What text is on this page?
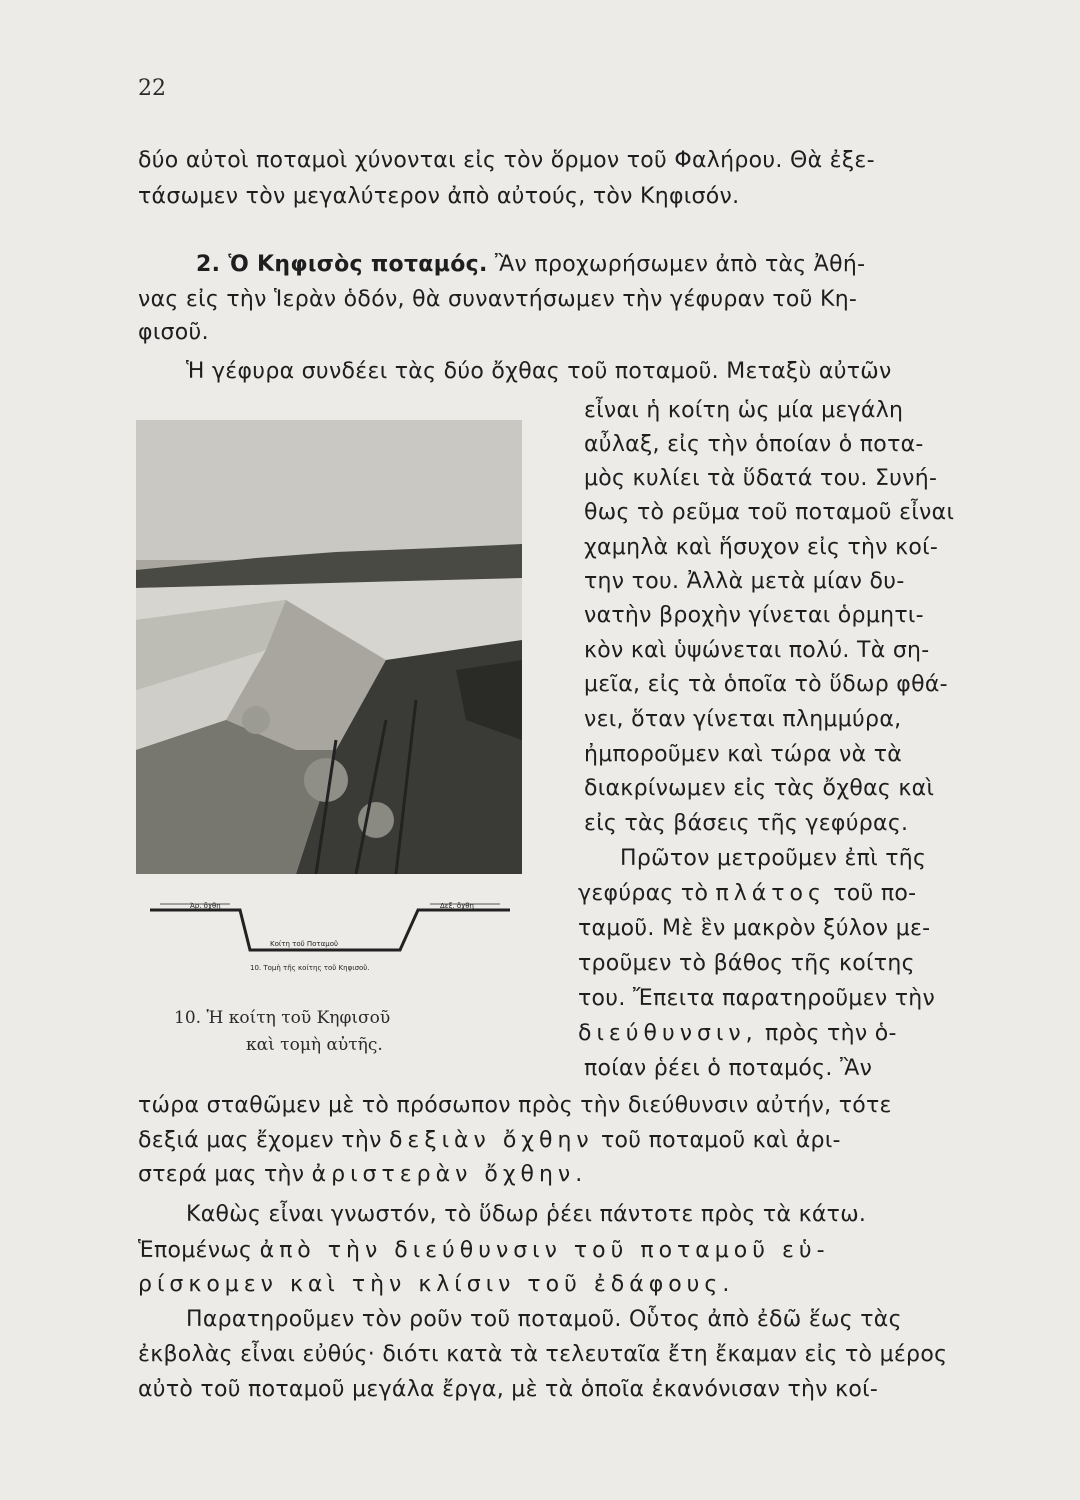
22
δύο αὐτοὶ ποταμοὶ χύνονται εἰς τὸν ὅρμον τοῦ Φαλήρου. Θὰ ἐξε-
τάσωμεν τὸν μεγαλύτερον ἀπὸ αὐτούς, τὸν Κηφισόν.
2. Ὁ Κηφισὸς ποταμός. Ἂν προχωρήσωμεν ἀπὸ τὰς Ἀθή-
νας εἰς τὴν Ἱερὰν ὁδόν, θὰ συναντήσωμεν τὴν γέφυραν τοῦ Κη-
φισοῦ.
Ἡ γέφυρα συνδέει τὰς δύο ὄχθας τοῦ ποταμοῦ. Μεταξὺ αὐτῶν
εἶναι ἡ κοίτη ὡς μία μεγάλη
αὖλαξ, εἰς τὴν ὁποίαν ὁ ποτα-
μὸς κυλίει τὰ ὕδατά του. Συνή-
θως τὸ ρεῦμα τοῦ ποταμοῦ εἶναι
χαμηλὰ καὶ ἥσυχον εἰς τὴν κοί-
την του. Ἀλλὰ μετὰ μίαν δυ-
νατὴν βροχὴν γίνεται ὁρμητι-
κὸν καὶ ὑψώνεται πολύ. Τὰ ση-
μεῖα, εἰς τὰ ὁποῖα τὸ ὕδωρ φθά-
νει, ὅταν γίνεται πλημμύρα,
ἠμποροῦμεν καὶ τώρα νὰ τὰ
διακρίνωμεν εἰς τὰς ὄχθας καὶ
εἰς τὰς βάσεις τῆς γεφύρας.
Πρῶτον μετροῦμεν ἐπὶ τῆς
γεφύρας τὸ πλάτος τοῦ πο-
ταμοῦ. Μὲ ἓν μακρὸν ξύλον με-
τροῦμεν τὸ βάθος τῆς κοίτης
του. Ἔπειτα παρατηροῦμεν τὴν
διεύθυνσιν, πρὸς τὴν ὁ-
ποίαν ῥέει ὁ ποταμός. Ἂν
Ἀρ. ὄχθη	Δεξ. ὄχθη
Κοίτη τοῦ Ποταμοῦ
10. Τομὴ τῆς κοίτης τοῦ Κηφισοῦ.
10. Ἡ κοίτη τοῦ Κηφισοῦ
καὶ τομὴ αὐτῆς.
τώρα σταθῶμεν μὲ τὸ πρόσωπον πρὸς τὴν διεύθυνσιν αὐτήν, τότε
δεξιά μας ἔχομεν τὴν δεξιὰν ὄχθην τοῦ ποταμοῦ καὶ ἀρι-
στερά μας τὴν ἀριστερὰν ὄχθην.
Καθὼς εἶναι γνωστόν, τὸ ὕδωρ ῥέει πάντοτε πρὸς τὰ κάτω.
Ἑπομένως ἀπὸ τὴν διεύθυνσιν τοῦ ποταμοῦ εὑ-
ρίσκομεν καὶ τὴν κλίσιν τοῦ ἐδάφους.
Παρατηροῦμεν τὸν ροῦν τοῦ ποταμοῦ. Οὗτος ἀπὸ ἐδῶ ἕως τὰς
ἐκβολὰς εἶναι εὐθύς· διότι κατὰ τὰ τελευταῖα ἔτη ἔκαμαν εἰς τὸ μέρος
αὐτὸ τοῦ ποταμοῦ μεγάλα ἔργα, μὲ τὰ ὁποῖα ἐκανόνισαν τὴν κοί-
